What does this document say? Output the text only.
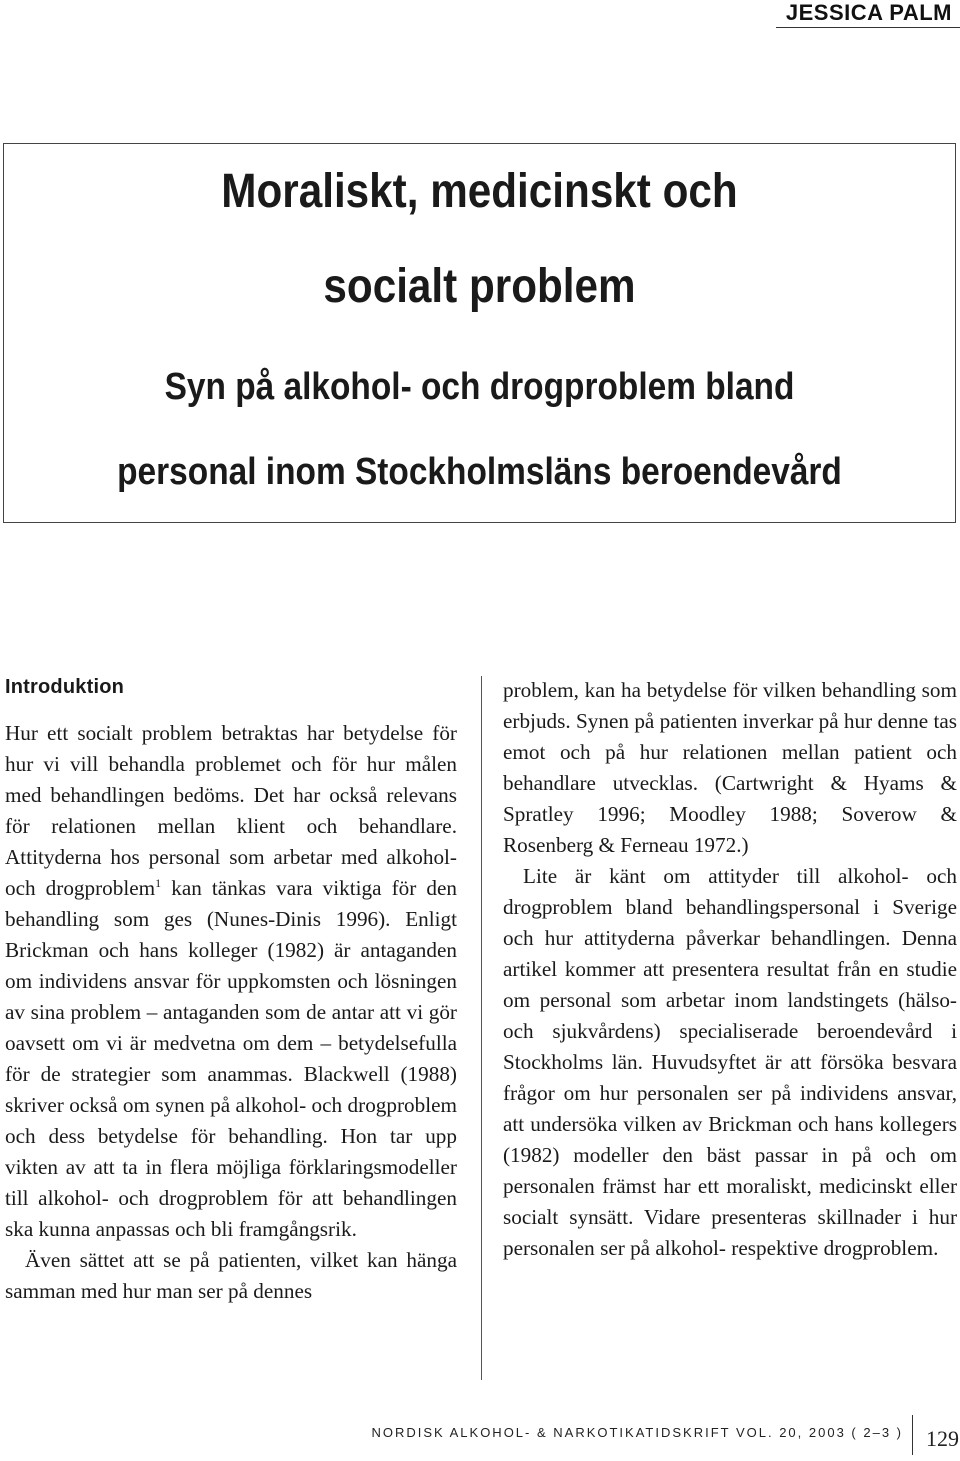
JESSICA PALM
Moraliskt, medicinskt och
socialt problem
Syn på alkohol- och drogproblem bland
personal inom Stockholmsläns beroendevård
Introduktion

Hur ett socialt problem betraktas har betydelse för hur vi vill behandla problemet och för hur målen med behandlingen bedöms. Det har också relevans för relationen mellan klient och behandlare. Attityderna hos personal som arbetar med alkohol- och drogproblem$^1$ kan tänkas vara viktiga för den behandling som ges (Nunes-Dinis 1996). Enligt Brickman och hans kolleger (1982) är antaganden om individens ansvar för uppkomsten och lösningen av sina problem – antaganden som de antar att vi gör oavsett om vi är medvetna om dem – betydelsefulla för de strategier som anammas. Blackwell (1988) skriver också om synen på alkohol- och drogproblem och dess betydelse för behandling. Hon tar upp vikten av att ta in flera möjliga förklaringsmodeller till alkohol- och drogproblem för att behandlingen ska kunna anpassas och bli framgångsrik.

Även sättet att se på patienten, vilket kan hänga samman med hur man ser på dennes

problem, kan ha betydelse för vilken behandling som erbjuds. Synen på patienten inverkar på hur denne tas emot och på hur relationen mellan patient och behandlare utvecklas. (Cartwright & Hyams & Spratley 1996; Moodley 1988; Soverow & Rosenberg & Ferneau 1972.)

Lite är känt om attityder till alkohol- och drogproblem bland behandlingspersonal i Sverige och hur attityderna påverkar behandlingen. Denna artikel kommer att presentera resultat från en studie om personal som arbetar inom landstingets (hälso- och sjukvårdens) specialiserade beroendevård i Stockholms län. Huvudsyftet är att försöka besvara frågor om hur personalen ser på individens ansvar, att undersöka vilken av Brickman och hans kollegers (1982) modeller den bäst passar in på och om personalen främst har ett moraliskt, medicinskt eller socialt synsätt. Vidare presenteras skillnader i hur personalen ser på alkohol- respektive drogproblem.

NORDISK ALKOHOL- & NARKOTIKATIDSKRIFT VOL. 20, 2003 ( 2–3 ) 129
